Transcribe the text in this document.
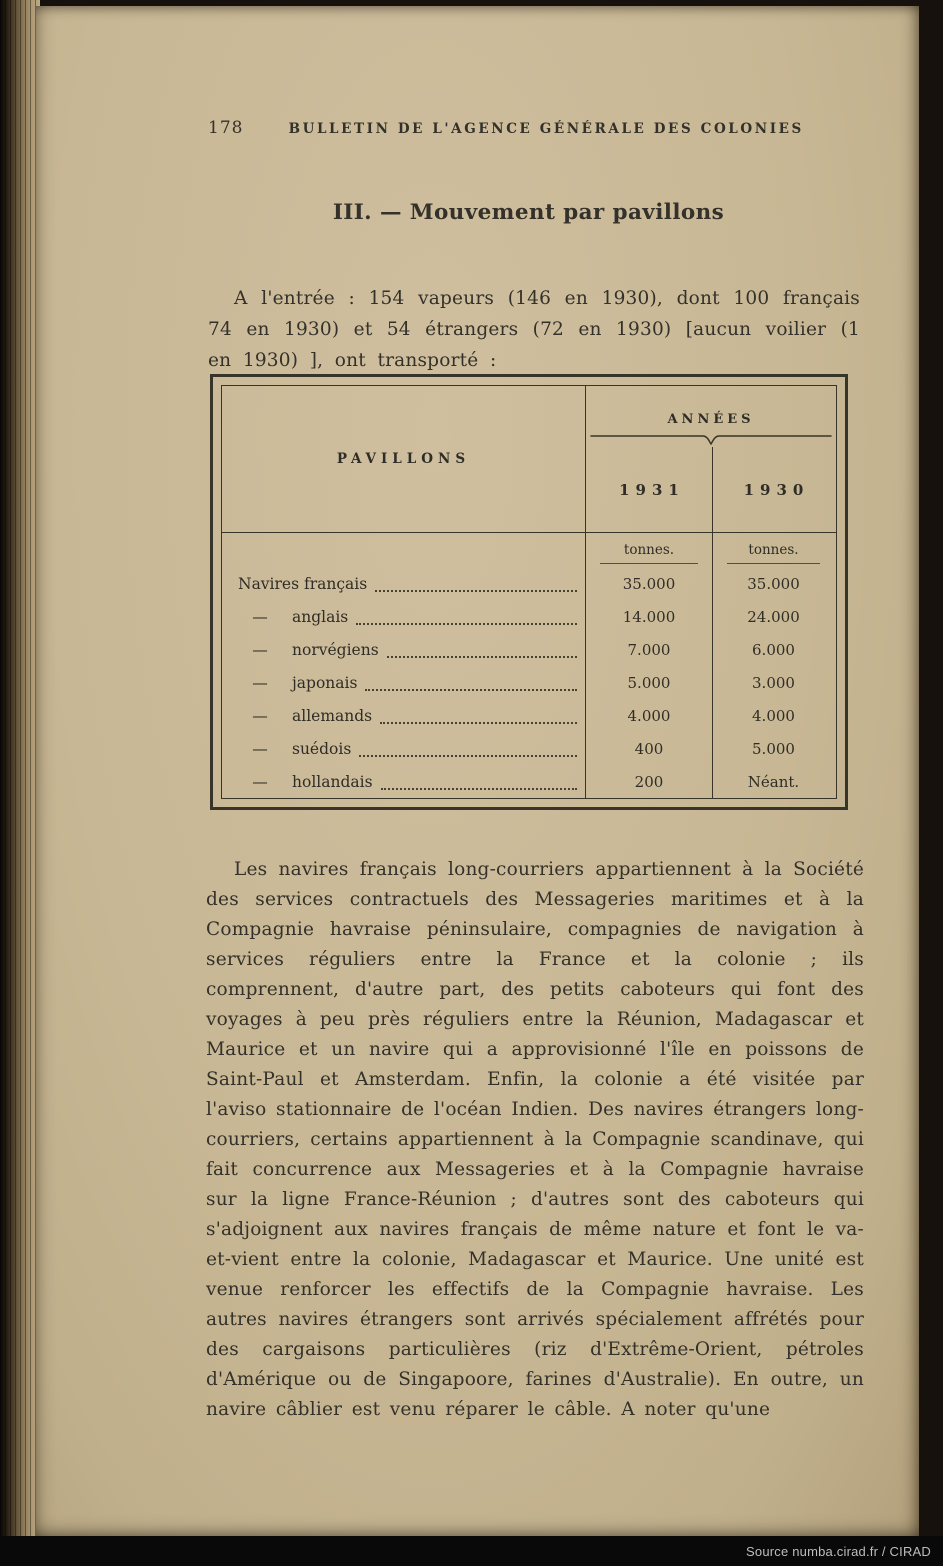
178	BULLETIN DE L'AGENCE GÉNÉRALE DES COLONIES
III. — Mouvement par pavillons

A l'entrée : 154 vapeurs (146 en 1930), dont 100 français 74 en 1930) et 54 étrangers (72 en 1930) [aucun voilier (1 en 1930) ], ont transporté :

PAVILLONS
ANNÉES
1931	1930
tonnes.	tonnes.
Navires français	35.000	35.000
—	anglais	14.000	24.000
—	norvégiens	7.000	6.000
—	japonais	5.000	3.000
—	allemands	4.000	4.000
—	suédois	400	5.000
—	hollandais	200	Néant.

Les navires français long-courriers appartiennent à la Société des services contractuels des Messageries maritimes et à la Compagnie havraise péninsulaire, compagnies de navigation à services réguliers entre la France et la colonie ; ils comprennent, d'autre part, des petits caboteurs qui font des voyages à peu près réguliers entre la Réunion, Madagascar et Maurice et un navire qui a approvisionné l'île en poissons de Saint-Paul et Amsterdam. Enfin, la colonie a été visitée par l'aviso stationnaire de l'océan Indien. Des navires étrangers long-courriers, certains appartiennent à la Compagnie scandinave, qui fait concurrence aux Messageries et à la Compagnie havraise sur la ligne France-Réunion ; d'autres sont des caboteurs qui s'adjoignent aux navires français de même nature et font le va-et-vient entre la colonie, Madagascar et Maurice. Une unité est venue renforcer les effectifs de la Compagnie havraise. Les autres navires étrangers sont arrivés spécialement affrétés pour des cargaisons particulières (riz d'Extrême-Orient, pétroles d'Amérique ou de Singapoore, farines d'Australie). En outre, un navire câblier est venu réparer le câble. A noter qu'une

Source numba.cirad.fr / CIRAD
